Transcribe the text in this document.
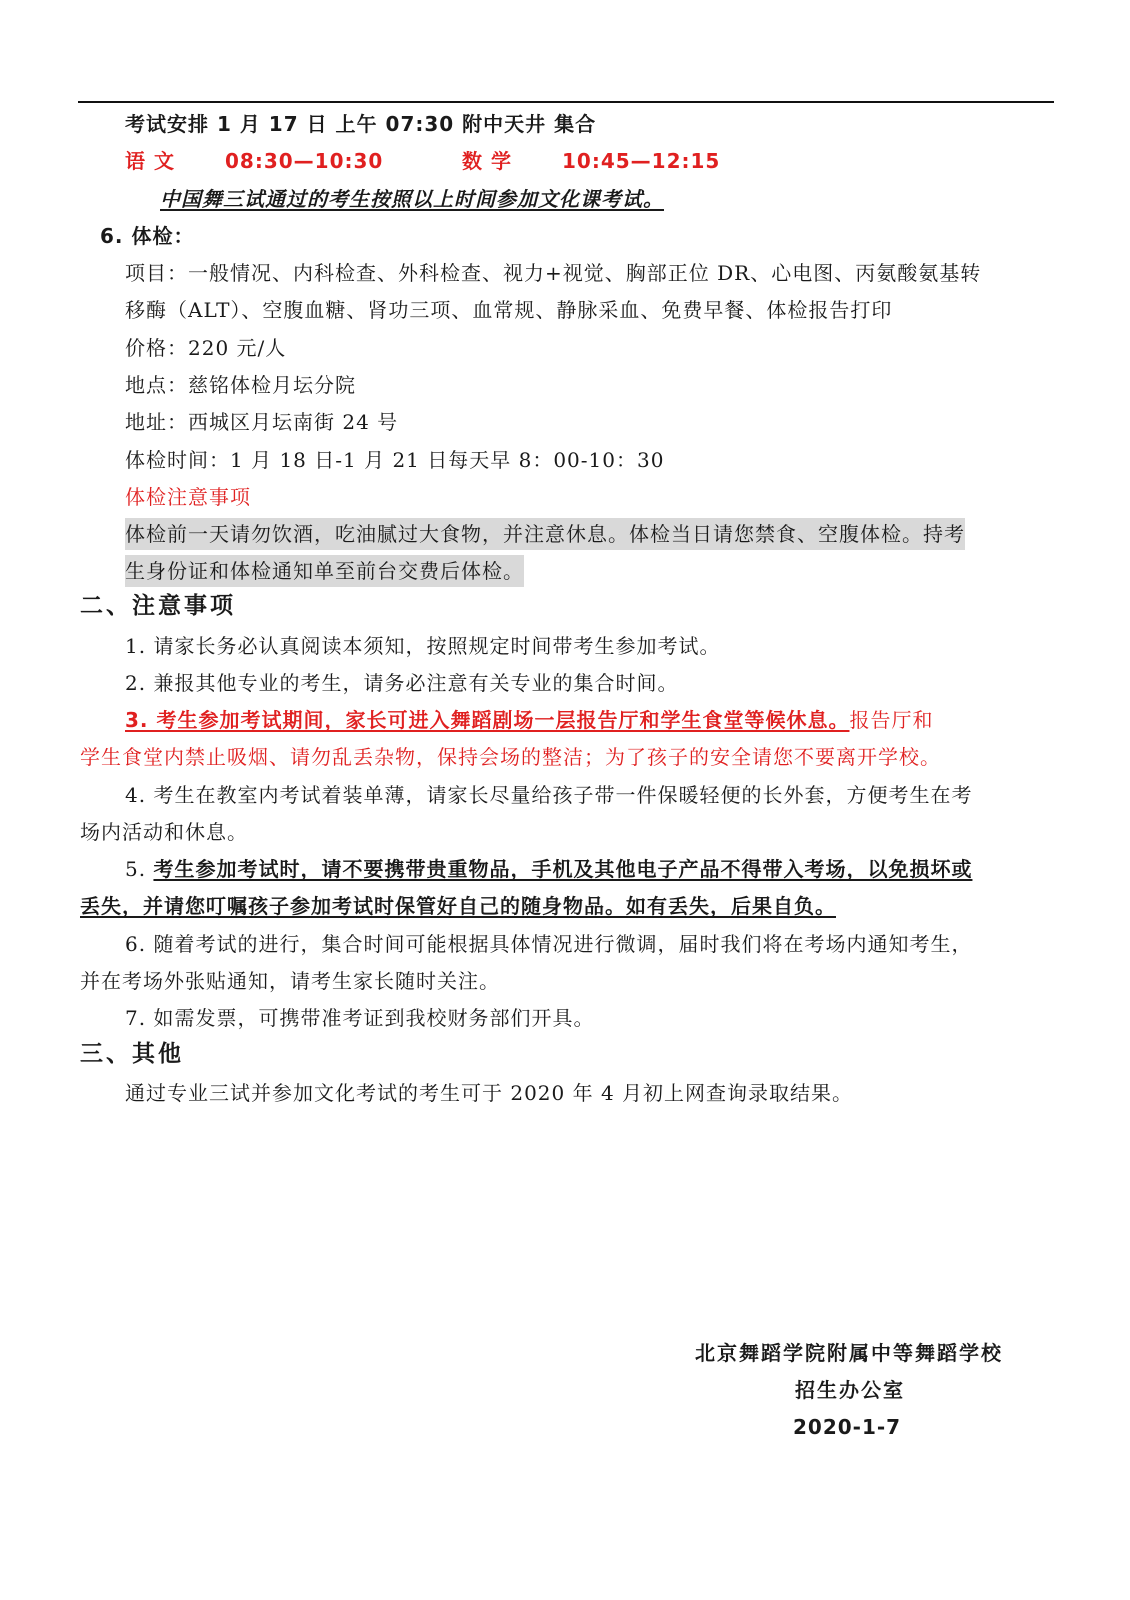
考试安排 1 月 17 日 上午 07:30 附中天井 集合
语 文	08:30—10:30	数 学	10:45—12:15
中国舞三试通过的考生按照以上时间参加文化课考试。
6. 体检：
项目：一般情况、内科检查、外科检查、视力+视觉、胸部正位 DR、心电图、丙氨酸氨基转
移酶（ALT）、空腹血糖、肾功三项、血常规、静脉采血、免费早餐、体检报告打印
价格：220 元/人
地点：慈铭体检月坛分院
地址：西城区月坛南街 24 号
体检时间：1 月 18 日-1 月 21 日每天早 8：00-10：30
体检注意事项
体检前一天请勿饮酒，吃油腻过大食物，并注意休息。体检当日请您禁食、空腹体检。持考
生身份证和体检通知单至前台交费后体检。
二、注意事项
1. 请家长务必认真阅读本须知，按照规定时间带考生参加考试。
2. 兼报其他专业的考生，请务必注意有关专业的集合时间。
3. 考生参加考试期间，家长可进入舞蹈剧场一层报告厅和学生食堂等候休息。报告厅和
学生食堂内禁止吸烟、请勿乱丢杂物，保持会场的整洁；为了孩子的安全请您不要离开学校。
4. 考生在教室内考试着装单薄，请家长尽量给孩子带一件保暖轻便的长外套，方便考生在考
场内活动和休息。
5. 考生参加考试时，请不要携带贵重物品，手机及其他电子产品不得带入考场，以免损坏或
丢失，并请您叮嘱孩子参加考试时保管好自己的随身物品。如有丢失，后果自负。
6. 随着考试的进行，集合时间可能根据具体情况进行微调，届时我们将在考场内通知考生，
并在考场外张贴通知，请考生家长随时关注。
7. 如需发票，可携带准考证到我校财务部们开具。
三、其他
通过专业三试并参加文化考试的考生可于 2020 年 4 月初上网查询录取结果。
北京舞蹈学院附属中等舞蹈学校
招生办公室
2020-1-7
